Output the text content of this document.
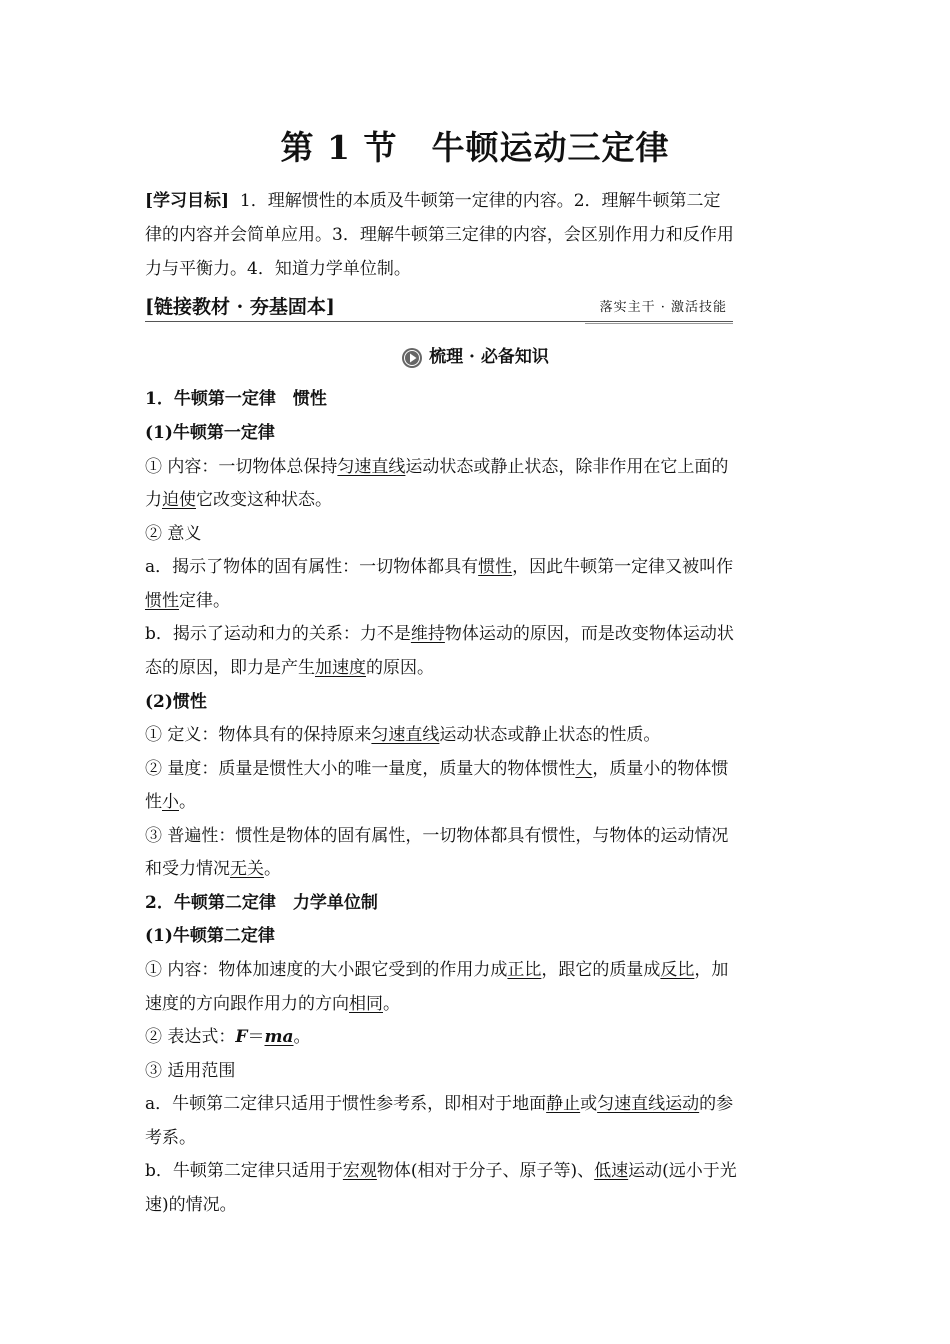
第 1 节　牛顿运动三定律
[学习目标] 1．理解惯性的本质及牛顿第一定律的内容。2．理解牛顿第二定
律的内容并会简单应用。3．理解牛顿第三定律的内容，会区别作用力和反作用
力与平衡力。4．知道力学单位制。
[链接教材 · 夯基固本]	落实主干 · 激活技能
梳理 · 必备知识
1．牛顿第一定律　惯性
(1)牛顿第一定律
① 内容：一切物体总保持匀速直线运动状态或静止状态，除非作用在它上面的
力迫使它改变这种状态。
② 意义
a．揭示了物体的固有属性：一切物体都具有惯性，因此牛顿第一定律又被叫作
惯性定律。
b．揭示了运动和力的关系：力不是维持物体运动的原因，而是改变物体运动状
态的原因，即力是产生加速度的原因。
(2)惯性
① 定义：物体具有的保持原来匀速直线运动状态或静止状态的性质。
② 量度：质量是惯性大小的唯一量度，质量大的物体惯性大，质量小的物体惯
性小。
③ 普遍性：惯性是物体的固有属性，一切物体都具有惯性，与物体的运动情况
和受力情况无关。
2．牛顿第二定律　力学单位制
(1)牛顿第二定律
① 内容：物体加速度的大小跟它受到的作用力成正比，跟它的质量成反比，加
速度的方向跟作用力的方向相同。
② 表达式：F＝ma。
③ 适用范围
a．牛顿第二定律只适用于惯性参考系，即相对于地面静止或匀速直线运动的参
考系。
b．牛顿第二定律只适用于宏观物体(相对于分子、原子等)、低速运动(远小于光
速)的情况。
